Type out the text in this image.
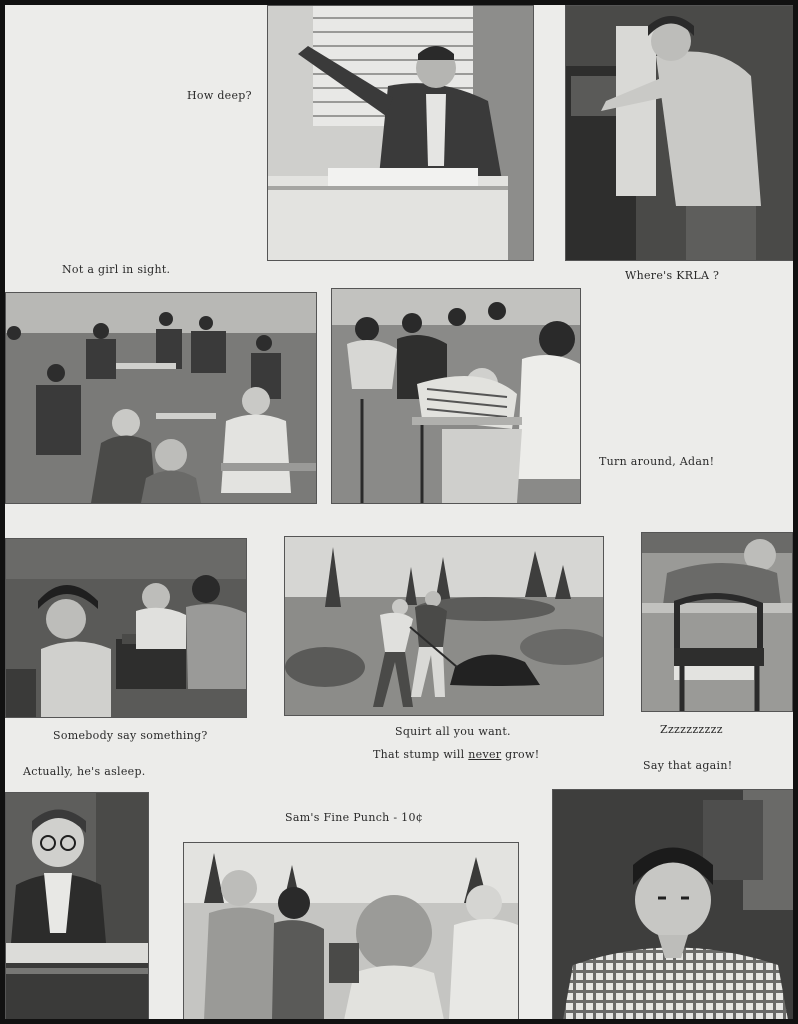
How deep?
Not a girl in sight.	Where's KRLA ?
Turn around, Adan!
Somebody say something?	Squirt all you want.
That stump will never grow!
Zzzzzzzzzz
Actually, he's asleep.	Say that again!
Sam's Fine Punch - 10¢
